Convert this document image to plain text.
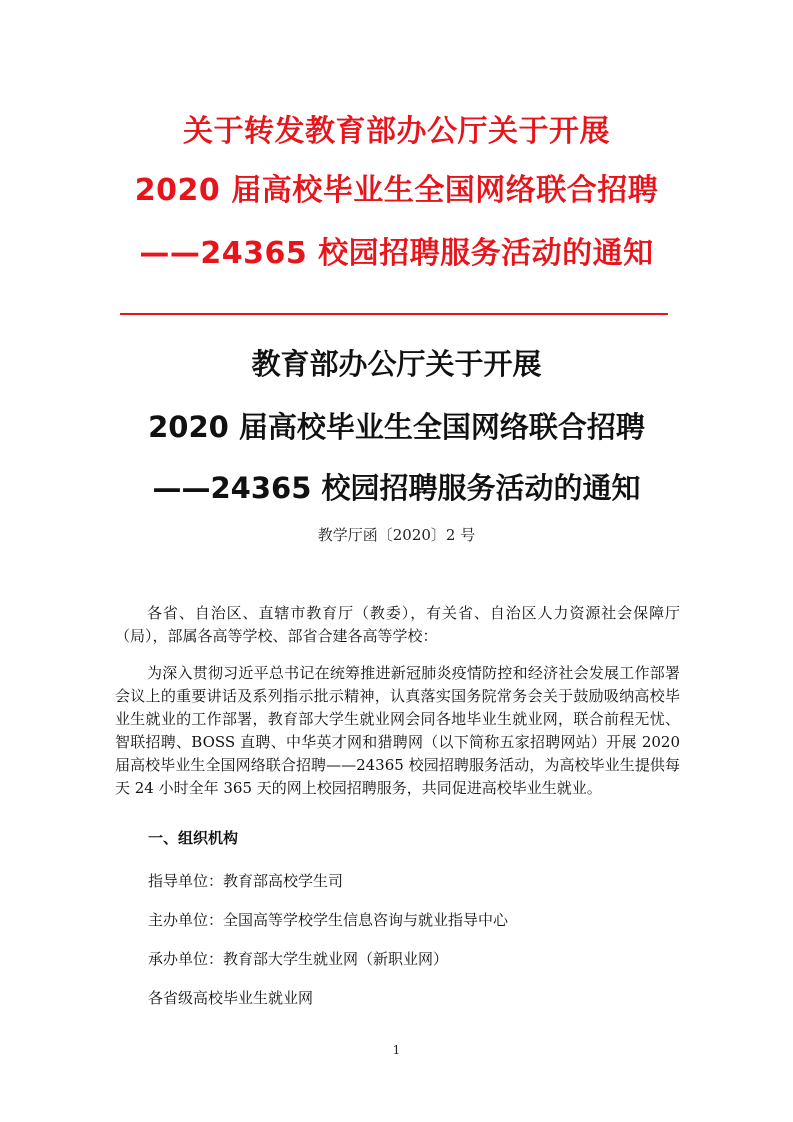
关于转发教育部办公厅关于开展
2020 届高校毕业生全国网络联合招聘
——24365 校园招聘服务活动的通知
教育部办公厅关于开展
2020 届高校毕业生全国网络联合招聘
——24365 校园招聘服务活动的通知
教学厅函〔2020〕2 号

各省、自治区、直辖市教育厅（教委），有关省、自治区人力资源社会保障厅（局），部属各高等学校、部省合建各高等学校：

为深入贯彻习近平总书记在统筹推进新冠肺炎疫情防控和经济社会发展工作部署会议上的重要讲话及系列指示批示精神，认真落实国务院常务会关于鼓励吸纳高校毕业生就业的工作部署，教育部大学生就业网会同各地毕业生就业网，联合前程无忧、智联招聘、BOSS 直聘、中华英才网和猎聘网（以下简称五家招聘网站）开展 2020 届高校毕业生全国网络联合招聘——24365 校园招聘服务活动，为高校毕业生提供每天 24 小时全年 365 天的网上校园招聘服务，共同促进高校毕业生就业。

一、组织机构

指导单位：教育部高校学生司

主办单位：全国高等学校学生信息咨询与就业指导中心

承办单位：教育部大学生就业网（新职业网）

各省级高校毕业生就业网

1
